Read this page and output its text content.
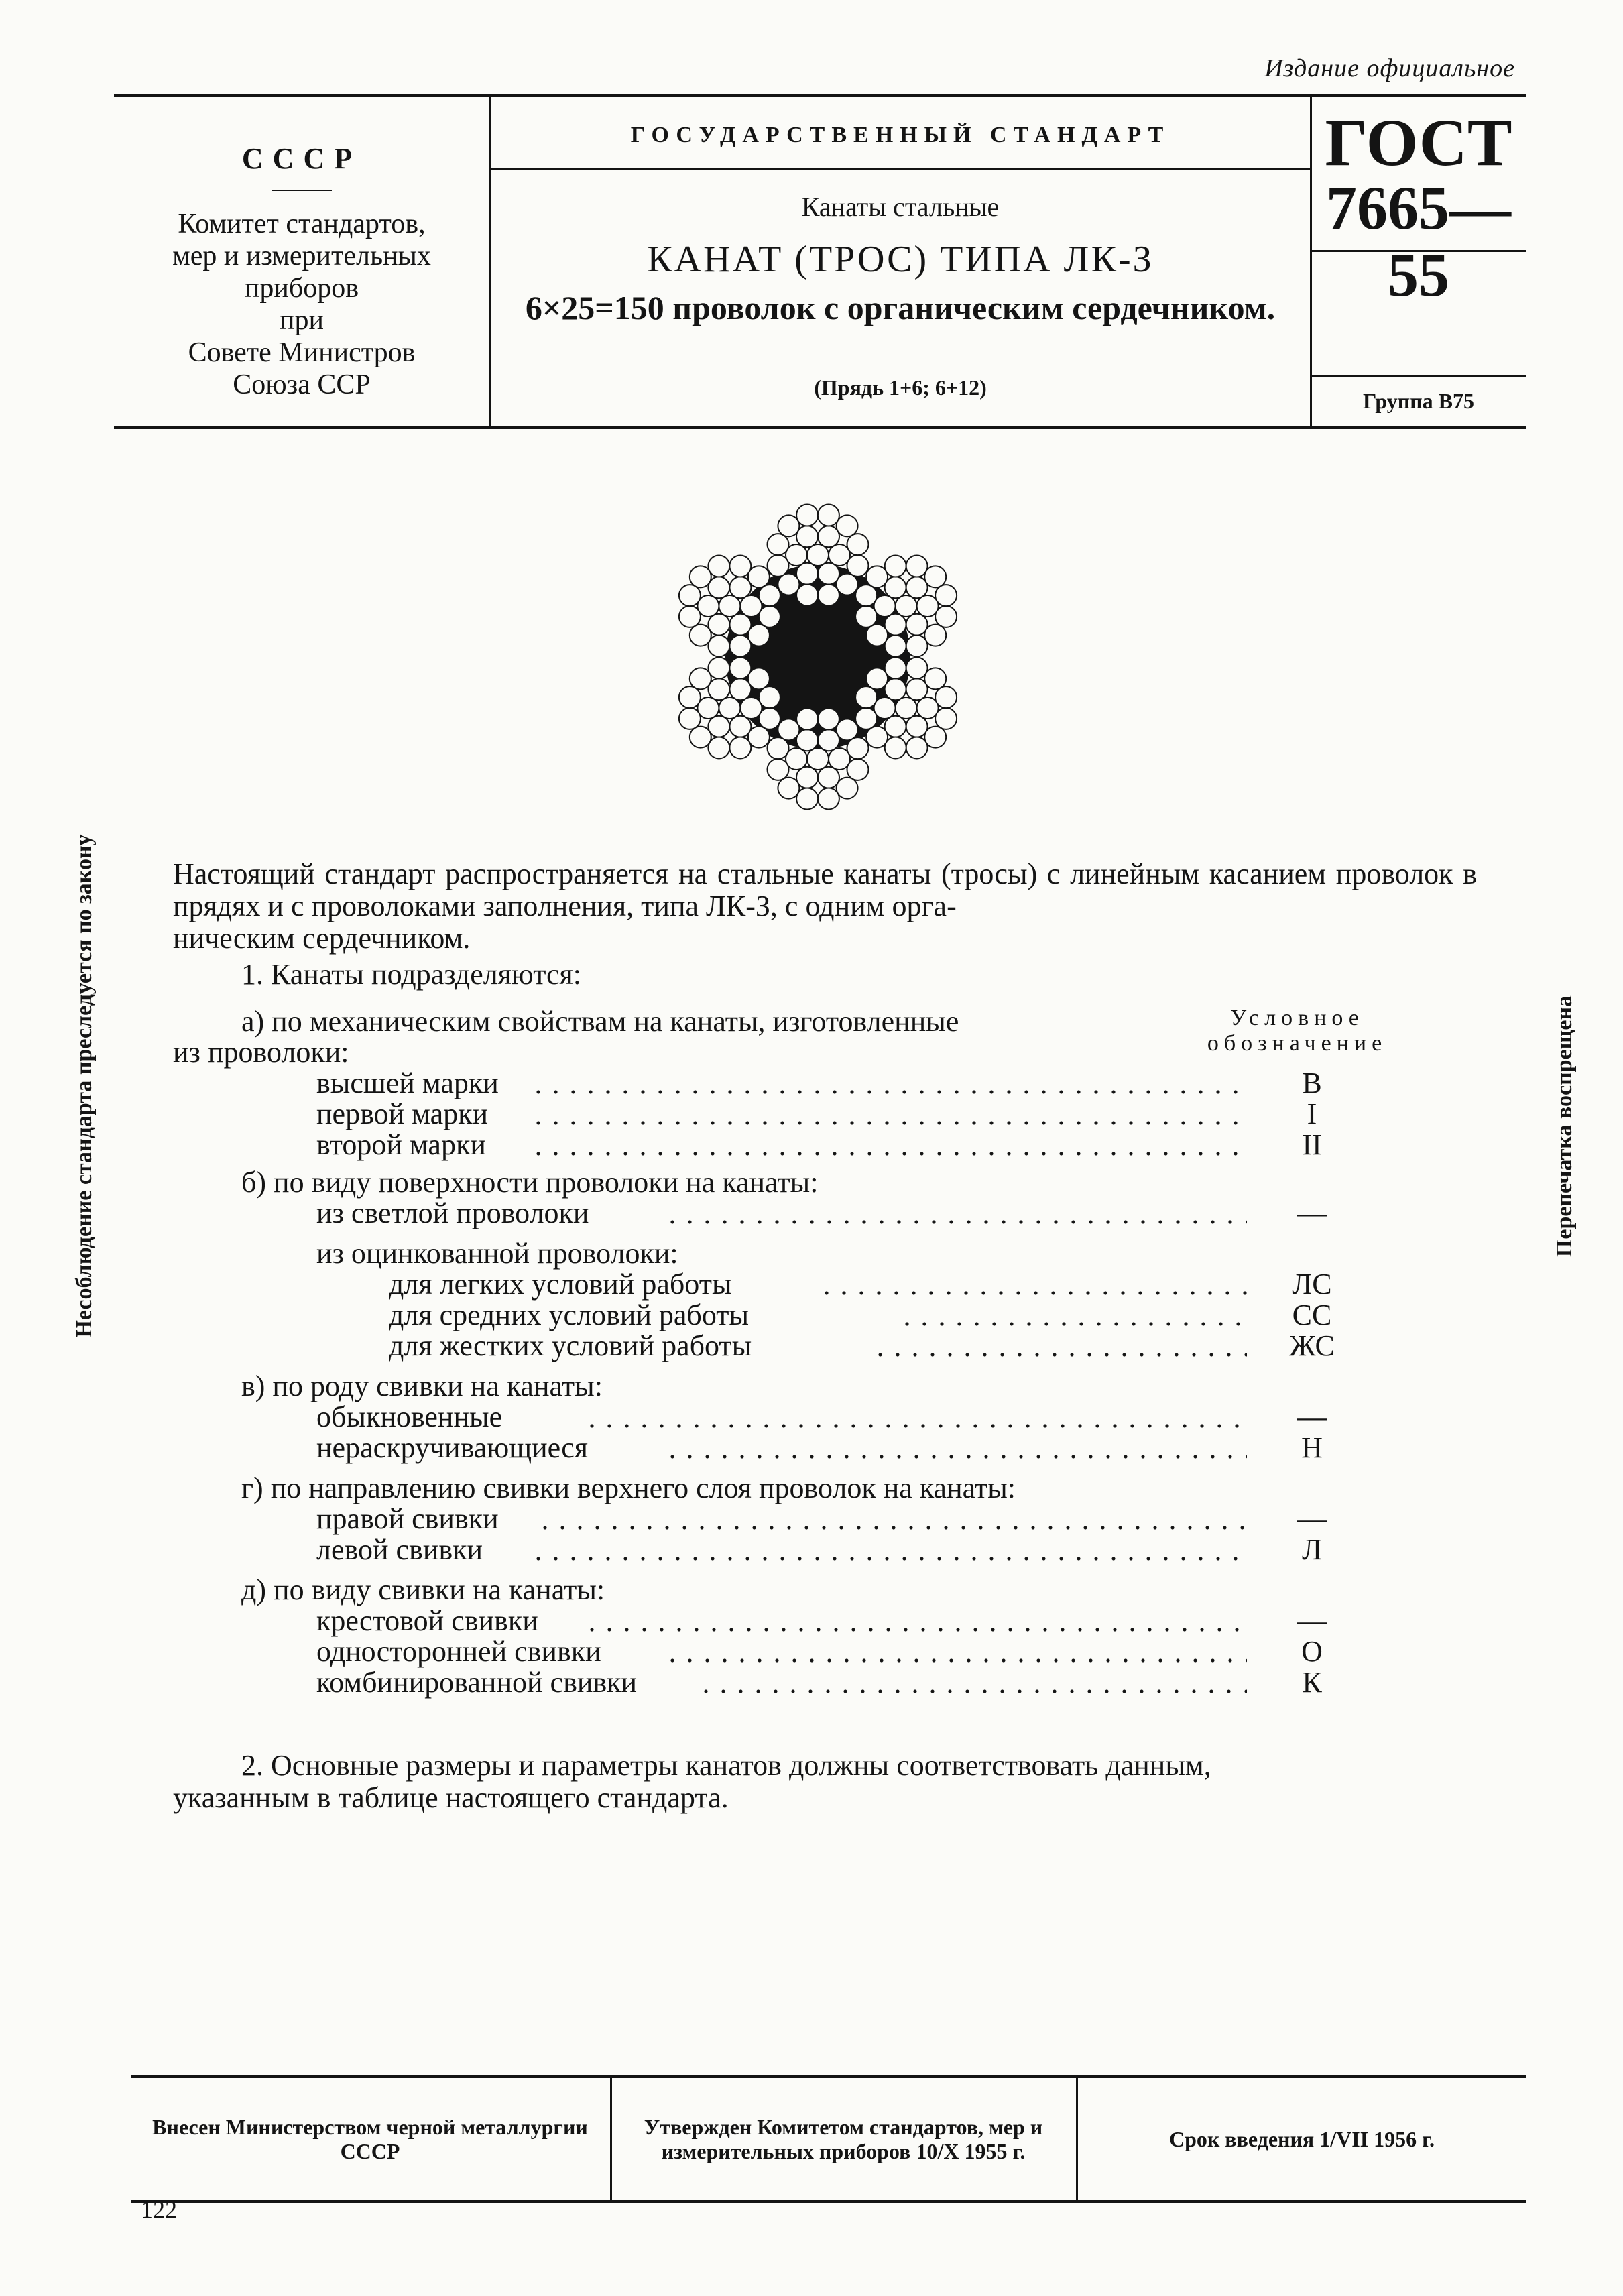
Издание официальное
СССР
Комитет стандартов,
мер и измерительных
приборов
при
Совете Министров
Союза ССР
ГОСУДАРСТВЕННЫЙ СТАНДАРТ
Канаты стальные
КАНАТ (ТРОС) ТИПА ЛК-З
6×25=150 проволок с органическим сердечником.
(Прядь 1+6; 6+12)
ГОСТ
7665—55
Группа В75
Несоблюдение стандарта преследуется по закону	Перепечатка воспрещена
Настоящий стандарт распространяется на стальные канаты (тросы) с линейным касанием проволок в прядях и с проволоками заполнения, типа ЛК-З, с одним орга-
ническим сердечником.
1. Канаты подразделяются:
Условное
обозначение
а) по механическим свойствам на канаты, изготовленные
из проволоки:
высшей марки	В
первой марки	I
второй марки	II
б) по виду поверхности проволоки на канаты:
из светлой проволоки	—
из оцинкованной проволоки:
для легких условий работы	ЛС
для средних условий работы	СС
для жестких условий работы	ЖС
в) по роду свивки на канаты:
обыкновенные	—
нераскручивающиеся	Н
г) по направлению свивки верхнего слоя проволок на канаты:
правой свивки	—
левой свивки	Л
д) по виду свивки на канаты:
крестовой свивки	—
односторонней свивки	О
комбинированной свивки	К
2. Основные размеры и параметры канатов должны соответствовать данным,
указанным в таблице настоящего стандарта.
Внесен Министерством черной металлургии СССР
Утвержден Комитетом стандартов, мер и измерительных приборов 10/X 1955 г.	Срок введения 1/VII 1956 г.
122
